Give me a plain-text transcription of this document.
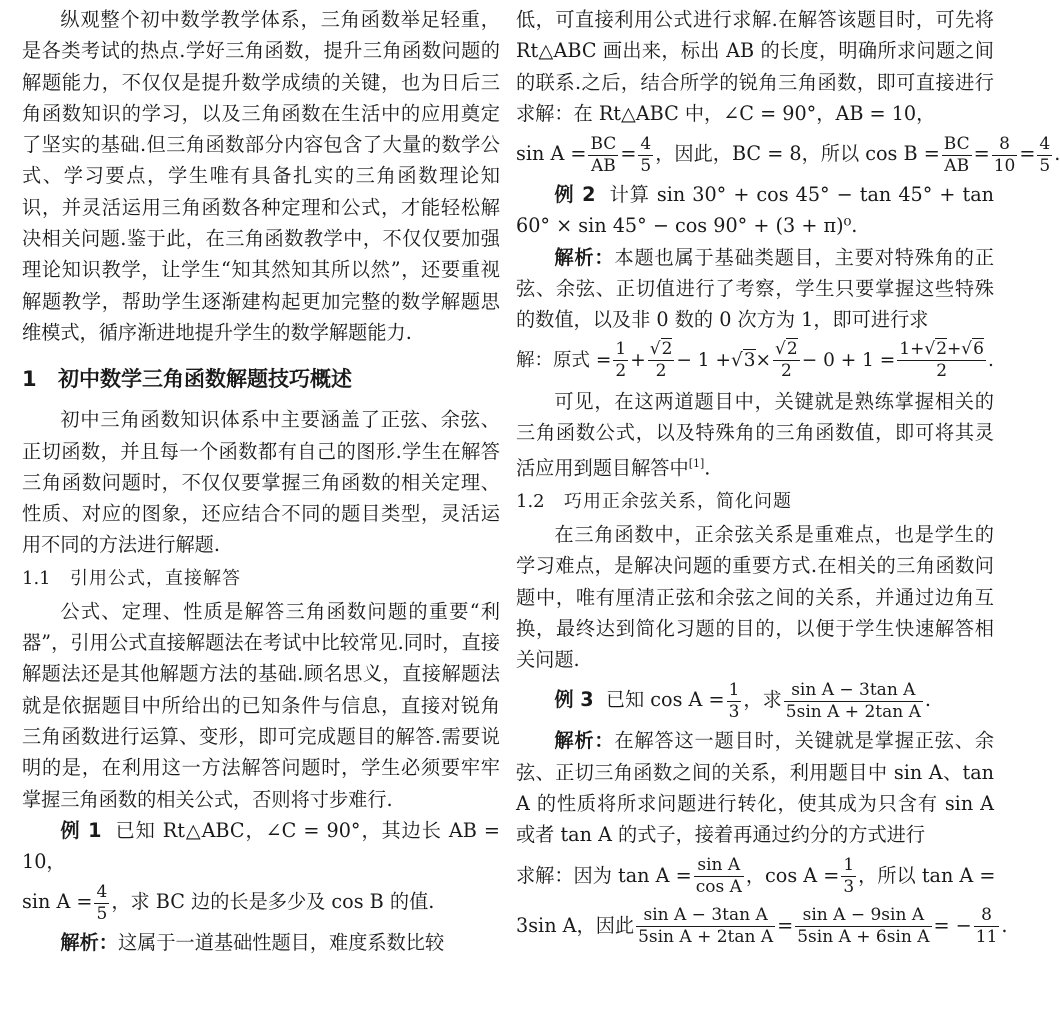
纵观整个初中数学教学体系，三角函数举足轻重，是各类考试的热点.学好三角函数，提升三角函数问题的解题能力，不仅仅是提升数学成绩的关键，也为日后三角函数知识的学习，以及三角函数在生活中的应用奠定了坚实的基础.但三角函数部分内容包含了大量的数学公式、学习要点，学生唯有具备扎实的三角函数理论知识，并灵活运用三角函数各种定理和公式，才能轻松解决相关问题.鉴于此，在三角函数教学中，不仅仅要加强理论知识教学，让学生“知其然知其所以然”，还要重视解题教学，帮助学生逐渐建构起更加完整的数学解题思维模式，循序渐进地提升学生的数学解题能力.

1 初中数学三角函数解题技巧概述

初中三角函数知识体系中主要涵盖了正弦、余弦、正切函数，并且每一个函数都有自己的图形.学生在解答三角函数问题时，不仅仅要掌握三角函数的相关定理、性质、对应的图象，还应结合不同的题目类型，灵活运用不同的方法进行解题.

1.1 引用公式，直接解答

公式、定理、性质是解答三角函数问题的重要“利器”，引用公式直接解题法在考试中比较常见.同时，直接解题法还是其他解题方法的基础.顾名思义，直接解题法就是依据题目中所给出的已知条件与信息，直接对锐角三角函数进行运算、变形，即可完成题目的解答.需要说明的是，在利用这一方法解答问题时，学生必须要牢牢掌握三角函数的相关公式，否则将寸步难行.

例 1 已知 Rt△ABC，∠C = 90°，其边长 AB = 10，

$\sin A = \frac{4}{5}$ ，求 BC 边的长是多少及 cos B 的值.

解析：这属于一道基础性题目，难度系数比较

低，可直接利用公式进行求解.在解答该题目时，可先将 Rt△ABC 画出来，标出 AB 的长度，明确所求问题之间的联系.之后，结合所学的锐角三角函数，即可直接进行求解：在 Rt△ABC 中，∠C = 90°，AB = 10，

$\sin A = \frac{BC}{AB} = \frac{4}{5}$ ，因此，BC = 8，所以 $\cos B = \frac{BC}{AB} = \frac{8}{10} = \frac{4}{5}$ .

例 2 计算 sin 30° + cos 45° − tan 45° + tan 60° × sin 45° − cos 90° + (3 + π)⁰.

解析：本题也属于基础类题目，主要对特殊角的正弦、余弦、正切值进行了考察，学生只要掌握这些特殊的数值，以及非 0 数的 0 次方为 1，即可进行求

解：原式 = $\frac{1}{2} + \frac{√2}{2} - 1 +√3\times \frac{√2}{2} - 0 + 1 = \frac{1+√2+√6}{2}$ .

可见，在这两道题目中，关键就是熟练掌握相关的三角函数公式，以及特殊角的三角函数值，即可将其灵活应用到题目解答中[1].

1.2 巧用正余弦关系，简化问题

在三角函数中，正余弦关系是重难点，也是学生的学习难点，是解决问题的重要方式.在相关的三角函数问题中，唯有厘清正弦和余弦之间的关系，并通过边角互换，最终达到简化习题的目的，以便于学生快速解答相关问题.

例 3 已知 $\cos A = \frac{1}{3}$ ，求 $\frac{\text{sin A − 3tan A}}{\text{5sin A + 2tan A}}$ .

解析：在解答这一题目时，关键就是掌握正弦、余弦、正切三角函数之间的关系，利用题目中 sin A、tan A 的性质将所求问题进行转化，使其成为只含有 sin A 或者 tan A 的式子，接着再通过约分的方式进行

求解：因为 $\tan A = \frac{\text{sin A}}{\text{cos A}}$ ，$\cos A = \frac{1}{3}$ ，所以 tan A =
3sin A，因此 $\frac{\text{sin A − 3tan A}}{\text{5sin A + 2tan A}} = \frac{\text{sin A − 9sin A}}{\text{5sin A + 6sin A}}$ = − $\frac{8}{11}$ .
